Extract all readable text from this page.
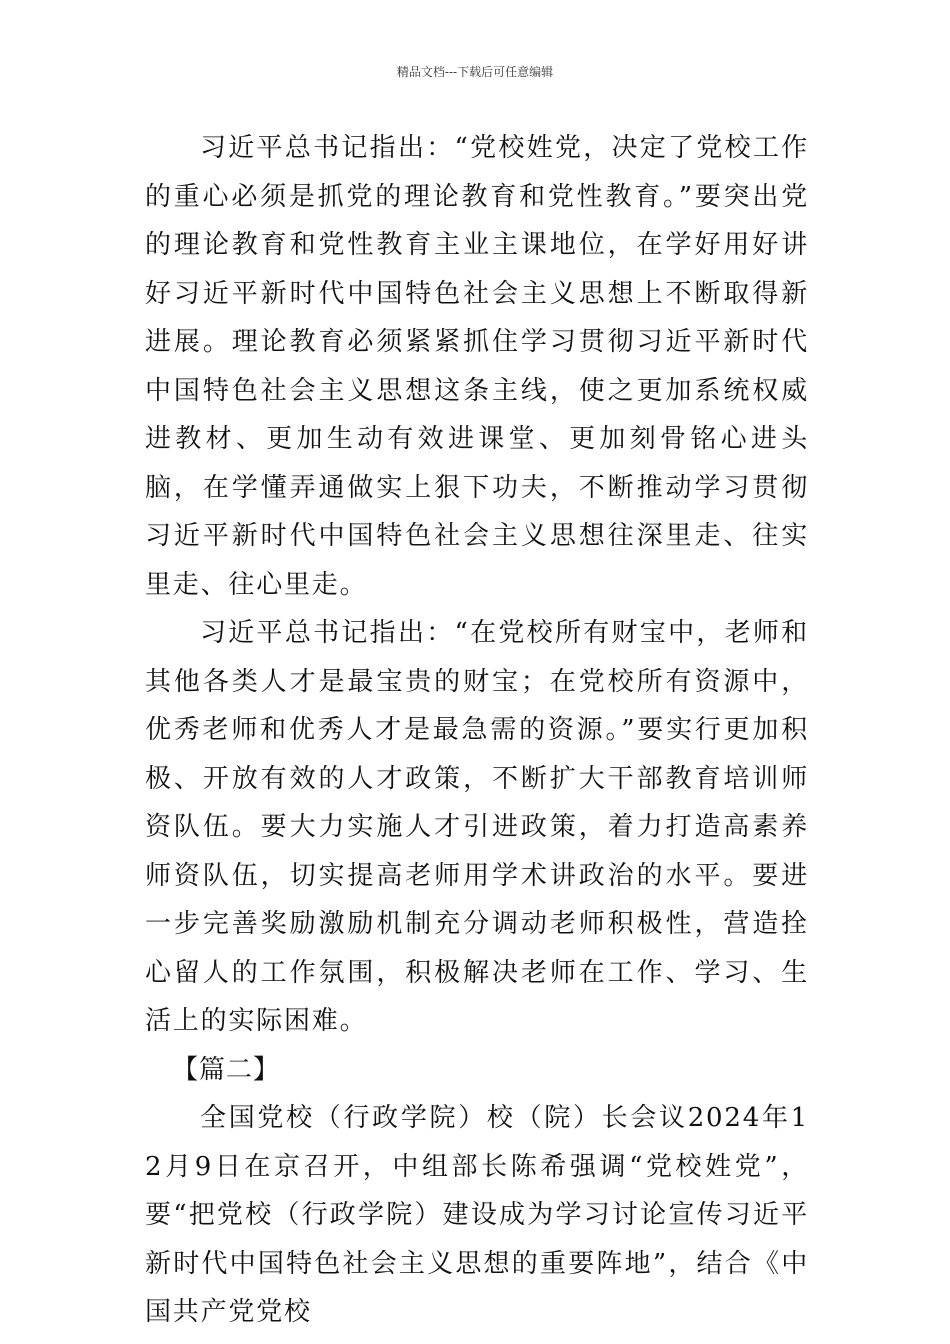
精品文档---下载后可任意编辑

习近平总书记指出：“党校姓党，决定了党校工作的重心必须是抓党的理论教育和党性教育。”要突出党的理论教育和党性教育主业主课地位，在学好用好讲好习近平新时代中国特色社会主义思想上不断取得新进展。理论教育必须紧紧抓住学习贯彻习近平新时代中国特色社会主义思想这条主线，使之更加系统权威进教材、更加生动有效进课堂、更加刻骨铭心进头脑，在学懂弄通做实上狠下功夫，不断推动学习贯彻习近平新时代中国特色社会主义思想往深里走、往实里走、往心里走。

习近平总书记指出：“在党校所有财宝中，老师和其他各类人才是最宝贵的财宝；在党校所有资源中，优秀老师和优秀人才是最急需的资源。”要实行更加积极、开放有效的人才政策，不断扩大干部教育培训师资队伍。要大力实施人才引进政策，着力打造高素养师资队伍，切实提高老师用学术讲政治的水平。要进一步完善奖励激励机制充分调动老师积极性，营造拴心留人的工作氛围，积极解决老师在工作、学习、生活上的实际困难。

【篇二】

全国党校（行政学院）校（院）长会议2024年12月9日在京召开，中组部长陈希强调“党校姓党”，要“把党校（行政学院）建设成为学习讨论宣传习近平新时代中国特色社会主义思想的重要阵地”，结合《中国共产党党校
